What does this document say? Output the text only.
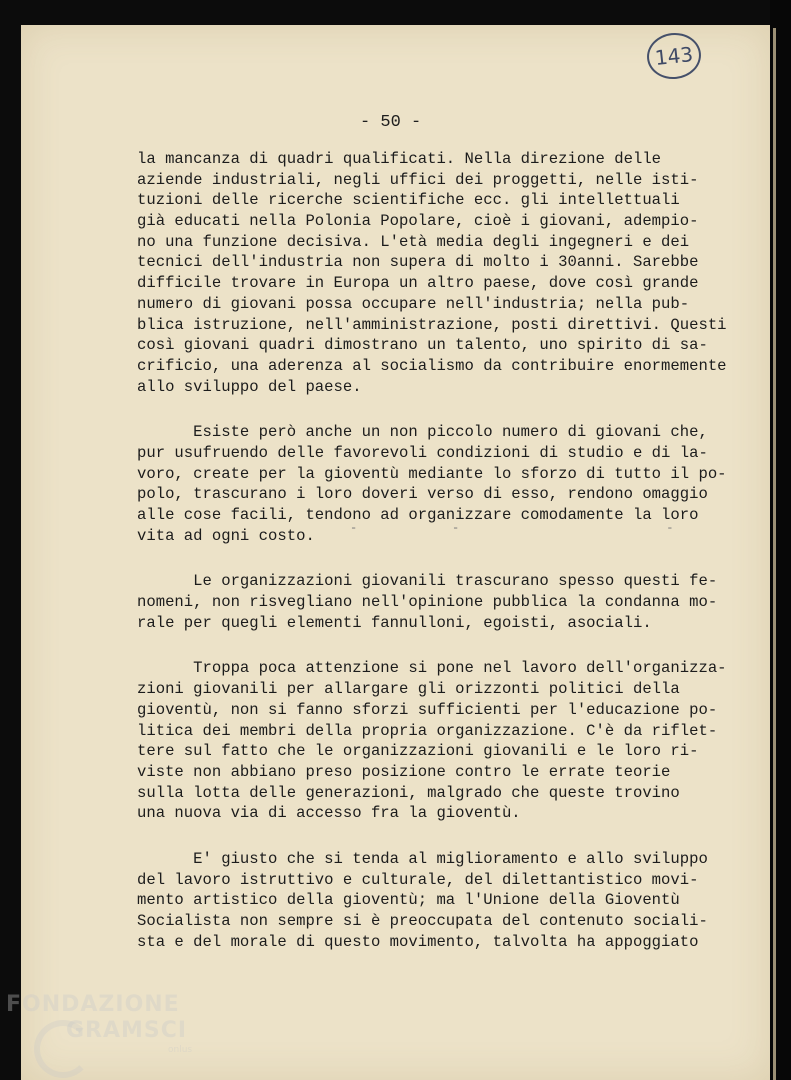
143
- 50 -
la mancanza di quadri qualificati. Nella direzione delle
aziende industriali, negli uffici dei proggetti, nelle isti-
tuzioni delle ricerche scientifiche ecc. gli intellettuali
già educati nella Polonia Popolare, cioè i giovani, adempio-
no una funzione decisiva. L'età media degli ingegneri e dei
tecnici dell'industria non supera di molto i 30anni. Sarebbe
difficile trovare in Europa un altro paese, dove così grande
numero di giovani possa occupare nell'industria; nella pub-
blica istruzione, nell'amministrazione, posti direttivi. Questi
così giovani quadri dimostrano un talento, uno spirito di sa-
crificio, una aderenza al socialismo da contribuire enormemente
allo sviluppo del paese.
Esiste però anche un non piccolo numero di giovani che,
pur usufruendo delle favorevoli condizioni di studio e di la-
voro, create per la gioventù mediante lo sforzo di tutto il po-
polo, trascurano i loro doveri verso di esso, rendono omaggio
alle cose facili, tendono ad organizzare comodamente la loro
vita ad ogni costo.
Le organizzazioni giovanili trascurano spesso questi fe-
nomeni, non risvegliano nell'opinione pubblica la condanna mo-
rale per quegli elementi fannulloni, egoisti, asociali.
Troppa poca attenzione si pone nel lavoro dell'organizza-
zioni giovanili per allargare gli orizzonti politici della
gioventù, non si fanno sforzi sufficienti per l'educazione po-
litica dei membri della propria organizzazione. C'è da riflet-
tere sul fatto che le organizzazioni giovanili e le loro ri-
viste non abbiano preso posizione contro le errate teorie
sulla lotta delle generazioni, malgrado che queste trovino
una nuova via di accesso fra la gioventù.
E' giusto che si tenda al miglioramento e allo sviluppo
del lavoro istruttivo e culturale, del dilettantistico movi-
mento artistico della gioventù; ma l'Unione della Gioventù
Socialista non sempre si è preoccupata del contenuto sociali-
sta e del morale di questo movimento, talvolta ha appoggiato
-         -                    -
FONDAZIONE
GRAMSCI
onlus
